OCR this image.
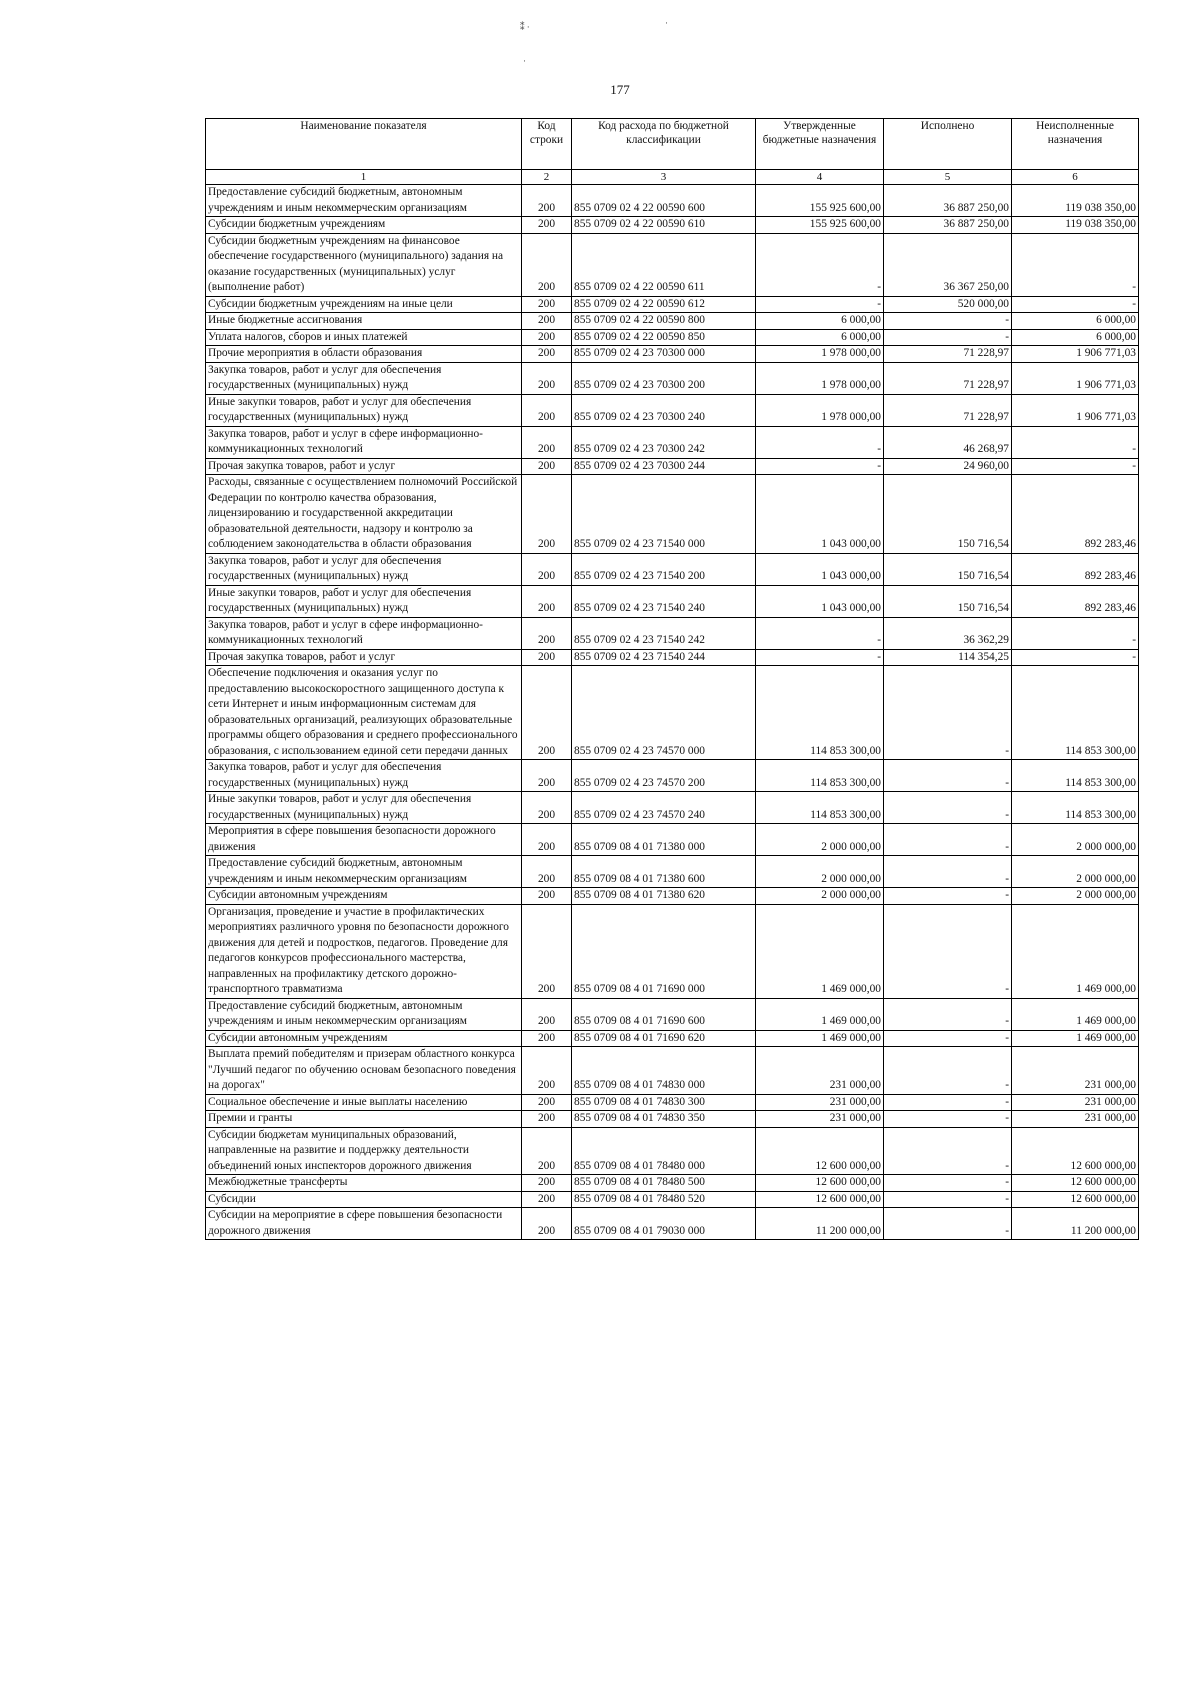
⁑ ·	·
·
177
Наименование показателя	Код строки	Код расхода по бюджетной классификации	Утвержденные бюджетные назначения	Исполнено	Неисполненные назначения
1	2	3	4	5	6
Предоставление субсидий бюджетным, автономным учреждениям и иным некоммерческим организациям	200	855 0709 02 4 22 00590 600	155 925 600,00	36 887 250,00	119 038 350,00
Субсидии бюджетным учреждениям	200	855 0709 02 4 22 00590 610	155 925 600,00	36 887 250,00	119 038 350,00
Субсидии бюджетным учреждениям на финансовое обеспечение государственного (муниципального) задания на оказание государственных (муниципальных) услуг (выполнение работ)	200	855 0709 02 4 22 00590 611	-	36 367 250,00	-
Субсидии бюджетным учреждениям на иные цели	200	855 0709 02 4 22 00590 612	-	520 000,00	-
Иные бюджетные ассигнования	200	855 0709 02 4 22 00590 800	6 000,00	-	6 000,00
Уплата налогов, сборов и иных платежей	200	855 0709 02 4 22 00590 850	6 000,00	-	6 000,00
Прочие мероприятия в области образования	200	855 0709 02 4 23 70300 000	1 978 000,00	71 228,97	1 906 771,03
Закупка товаров, работ и услуг для обеспечения государственных (муниципальных) нужд	200	855 0709 02 4 23 70300 200	1 978 000,00	71 228,97	1 906 771,03
Иные закупки товаров, работ и услуг для обеспечения государственных (муниципальных) нужд	200	855 0709 02 4 23 70300 240	1 978 000,00	71 228,97	1 906 771,03
Закупка товаров, работ и услуг в сфере информационно-коммуникационных технологий	200	855 0709 02 4 23 70300 242	-	46 268,97	-
Прочая закупка товаров, работ и услуг	200	855 0709 02 4 23 70300 244	-	24 960,00	-
Расходы, связанные с осуществлением полномочий Российской Федерации по контролю качества образования, лицензированию и государственной аккредитации образовательной деятельности, надзору и контролю за соблюдением законодательства в области образования	200	855 0709 02 4 23 71540 000	1 043 000,00	150 716,54	892 283,46
Закупка товаров, работ и услуг для обеспечения государственных (муниципальных) нужд	200	855 0709 02 4 23 71540 200	1 043 000,00	150 716,54	892 283,46
Иные закупки товаров, работ и услуг для обеспечения государственных (муниципальных) нужд	200	855 0709 02 4 23 71540 240	1 043 000,00	150 716,54	892 283,46
Закупка товаров, работ и услуг в сфере информационно-коммуникационных технологий	200	855 0709 02 4 23 71540 242	-	36 362,29	-
Прочая закупка товаров, работ и услуг	200	855 0709 02 4 23 71540 244	-	114 354,25	-
Обеспечение подключения и оказания услуг по предоставлению высокоскоростного защищенного доступа к сети Интернет и иным информационным системам для образовательных организаций, реализующих образовательные программы общего образования и среднего профессионального образования, с использованием единой сети передачи данных	200	855 0709 02 4 23 74570 000	114 853 300,00	-	114 853 300,00
Закупка товаров, работ и услуг для обеспечения государственных (муниципальных) нужд	200	855 0709 02 4 23 74570 200	114 853 300,00	-	114 853 300,00
Иные закупки товаров, работ и услуг для обеспечения государственных (муниципальных) нужд	200	855 0709 02 4 23 74570 240	114 853 300,00	-	114 853 300,00
Мероприятия в сфере повышения безопасности дорожного движения	200	855 0709 08 4 01 71380 000	2 000 000,00	-	2 000 000,00
Предоставление субсидий бюджетным, автономным учреждениям и иным некоммерческим организациям	200	855 0709 08 4 01 71380 600	2 000 000,00	-	2 000 000,00
Субсидии автономным учреждениям	200	855 0709 08 4 01 71380 620	2 000 000,00	-	2 000 000,00
Организация, проведение и участие в профилактических мероприятиях различного уровня по безопасности дорожного движения для детей и подростков, педагогов. Проведение для педагогов конкурсов профессионального мастерства, направленных на профилактику детского дорожно-транспортного травматизма	200	855 0709 08 4 01 71690 000	1 469 000,00	-	1 469 000,00
Предоставление субсидий бюджетным, автономным учреждениям и иным некоммерческим организациям	200	855 0709 08 4 01 71690 600	1 469 000,00	-	1 469 000,00
Субсидии автономным учреждениям	200	855 0709 08 4 01 71690 620	1 469 000,00	-	1 469 000,00
Выплата премий победителям и призерам областного конкурса "Лучший педагог по обучению основам безопасного поведения на дорогах"	200	855 0709 08 4 01 74830 000	231 000,00	-	231 000,00
Социальное обеспечение и иные выплаты населению	200	855 0709 08 4 01 74830 300	231 000,00	-	231 000,00
Премии и гранты	200	855 0709 08 4 01 74830 350	231 000,00	-	231 000,00
Субсидии бюджетам муниципальных образований, направленные на развитие и поддержку деятельности объединений юных инспекторов дорожного движения	200	855 0709 08 4 01 78480 000	12 600 000,00	-	12 600 000,00
Межбюджетные трансферты	200	855 0709 08 4 01 78480 500	12 600 000,00	-	12 600 000,00
Субсидии	200	855 0709 08 4 01 78480 520	12 600 000,00	-	12 600 000,00
Субсидии на мероприятие в сфере повышения безопасности дорожного движения	200	855 0709 08 4 01 79030 000	11 200 000,00	-	11 200 000,00
